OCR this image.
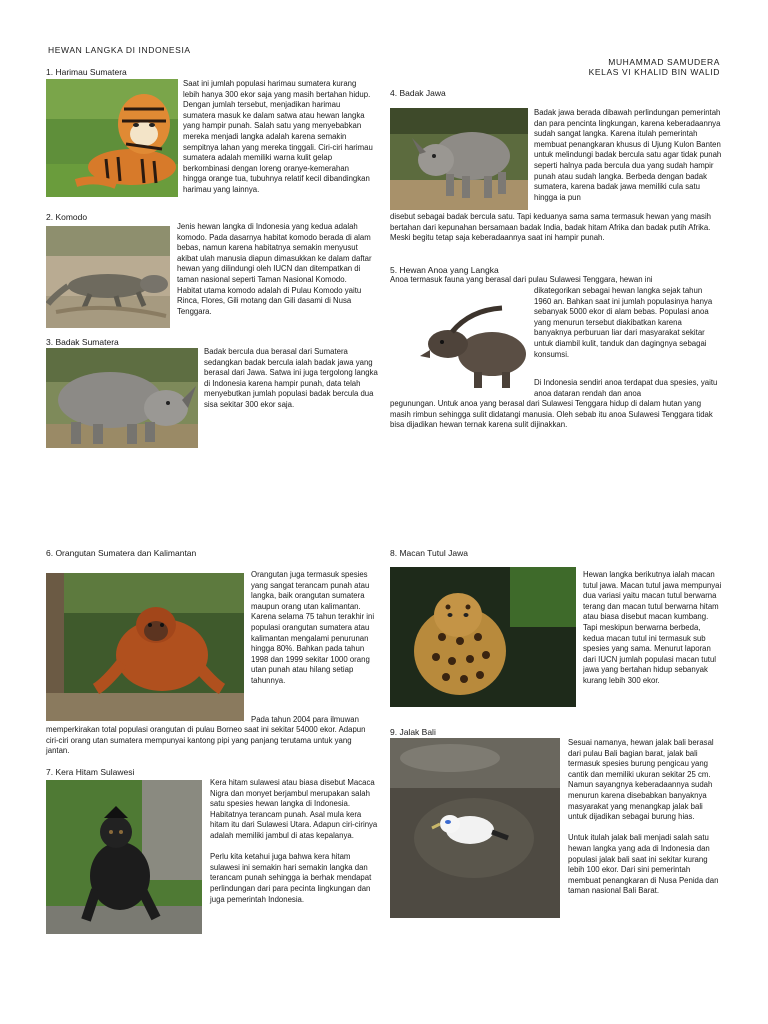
HEWAN LANGKA DI INDONESIA
MUHAMMAD SAMUDERA
KELAS VI KHALID BIN WALID
1. Harimau Sumatera
Saat ini jumlah populasi harimau sumatera kurang lebih hanya 300 ekor saja yang masih bertahan hidup. Dengan jumlah tersebut, menjadikan harimau sumatera masuk ke dalam satwa atau hewan langka yang hampir punah. Salah satu yang menyebabkan mereka menjadi langka adalah karena semakin sempitnya lahan yang mereka tinggali. Ciri-ciri harimau sumatera adalah memiliki warna kulit gelap berkombinasi dengan loreng oranye-kemerahan hingga orange tua, tubuhnya relatif kecil dibandingkan harimau yang lainnya.
2. Komodo
Jenis hewan langka di Indonesia yang kedua adalah komodo. Pada dasarnya habitat komodo berada di alam bebas, namun karena habitatnya semakin menyusut akibat ulah manusia diapun dimasukkan ke dalam daftar hewan yang dilindungi oleh IUCN dan ditempatkan di taman nasional seperti Taman Nasional Komodo. Habitat utama komodo adalah di Pulau Komodo yaitu Rinca, Flores, Gili motang dan Gili dasami di Nusa Tenggara.
3. Badak Sumatera
Badak bercula dua berasal dari Sumatera sedangkan badak bercula ialah badak jawa yang berasal dari Jawa. Satwa ini juga tergolong langka di Indonesia karena hampir punah, data telah menyebutkan jumlah populasi badak bercula dua sisa sekitar 300 ekor saja.
4. Badak Jawa
Badak jawa berada dibawah perlindungan pemerintah dan para pencinta lingkungan, karena keberadaannya sudah sangat langka. Karena itulah pemerintah membuat penangkaran khusus di Ujung Kulon Banten untuk melindungi badak bercula satu agar tidak punah seperti halnya pada bercula dua yang sudah hampir punah atau sudah langka. Berbeda dengan badak sumatera, karena badak jawa memiliki cula satu hingga ia pun
disebut sebagai badak bercula satu. Tapi keduanya sama sama termasuk hewan yang masih bertahan dari kepunahan bersamaan badak India, badak hitam Afrika dan badak putih Afrika. Meski begitu tetap saja keberadaannya saat ini hampir punah.
5. Hewan Anoa yang Langka
Anoa termasuk fauna yang berasal dari pulau Sulawesi Tenggara, hewan ini
dikategorikan sebagai hewan langka sejak tahun 1960 an. Bahkan saat ini jumlah populasinya hanya sebanyak 5000 ekor di alam bebas. Populasi anoa yang menurun tersebut diakibatkan karena banyaknya perburuan liar dari masyarakat sekitar untuk diambil kulit, tanduk dan dagingnya sebagai konsumsi.
Di Indonesia sendiri anoa terdapat dua spesies, yaitu anoa dataran rendah dan anoa
pegunungan. Untuk anoa yang berasal dari Sulawesi Tenggara hidup di dalam hutan yang masih rimbun sehingga sulit didatangi manusia. Oleh sebab itu anoa Sulawesi Tenggara tidak bisa dijadikan hewan ternak karena sulit dijinakkan.
6. Orangutan Sumatera dan Kalimantan
Orangutan juga termasuk spesies yang sangat terancam punah atau langka, baik orangutan sumatera maupun orang utan kalimantan. Karena selama 75 tahun terakhir ini populasi orangutan sumatera atau kalimantan mengalami penurunan hingga 80%. Bahkan pada tahun 1998 dan 1999 sekitar 1000 orang utan punah atau hilang setiap tahunnya.
Pada tahun 2004 para ilmuwan
memperkirakan total populasi orangutan di pulau Borneo saat ini sekitar 54000 ekor. Adapun ciri-ciri orang utan sumatera mempunyai kantong pipi yang panjang terutama untuk yang jantan.
7. Kera Hitam Sulawesi

Kera hitam sulawesi atau biasa disebut Macaca Nigra dan monyet berjambul merupakan salah satu spesies hewan langka di Indonesia. Habitatnya terancam punah. Asal mula kera hitam itu dari Sulawesi Utara. Adapun ciri-cirinya adalah memiliki jambul di atas kepalanya.

Perlu kita ketahui juga bahwa kera hitam sulawesi ini semakin hari semakin langka dan terancam punah sehingga ia berhak mendapat perlindungan dari para pecinta lingkungan dan juga pemerintah Indonesia.

8. Macan Tutul Jawa
Hewan langka berikutnya ialah macan tutul jawa. Macan tutul jawa mempunyai dua variasi yaitu macan tutul berwarna terang dan macan tutul berwarna hitam atau biasa disebut macan kumbang. Tapi meskipun berwarna berbeda, kedua macan tutul ini termasuk sub spesies yang sama. Menurut laporan dari IUCN jumlah populasi macan tutul jawa yang bertahan hidup sebanyak kurang lebih 300 ekor.
9. Jalak Bali

Sesuai namanya, hewan jalak bali berasal dari pulau Bali bagian barat, jalak bali termasuk spesies burung pengicau yang cantik dan memiliki ukuran sekitar 25 cm. Namun sayangnya keberadaannya sudah menurun karena disebabkan banyaknya masyarakat yang menangkap jalak bali untuk dijadikan sebagai burung hias.

Untuk itulah jalak bali menjadi salah satu hewan langka yang ada di Indonesia dan populasi jalak bali saat ini sekitar kurang lebih 100 ekor. Dari sini pemerintah membuat penangkaran di Nusa Penida dan taman nasional Bali Barat.
